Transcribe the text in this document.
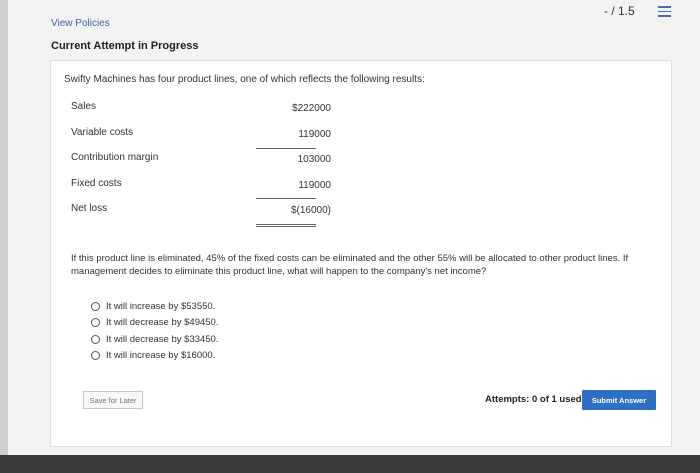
- / 1.5
View Policies
Current Attempt in Progress
Swifty Machines has four product lines, one of which reflects the following results:
Sales	$222000
Variable costs	119000
Contribution margin	103000
Fixed costs	119000
Net loss	$(16000)
If this product line is eliminated, 45% of the fixed costs can be eliminated and the other 55% will be allocated to other product lines. If management decides to eliminate this product line, what will happen to the company's net income?
It will increase by $53550.
It will decrease by $49450.
It will decrease by $33450.
It will increase by $16000.
Save for Later	Attempts: 0 of 1 used	Submit Answer
